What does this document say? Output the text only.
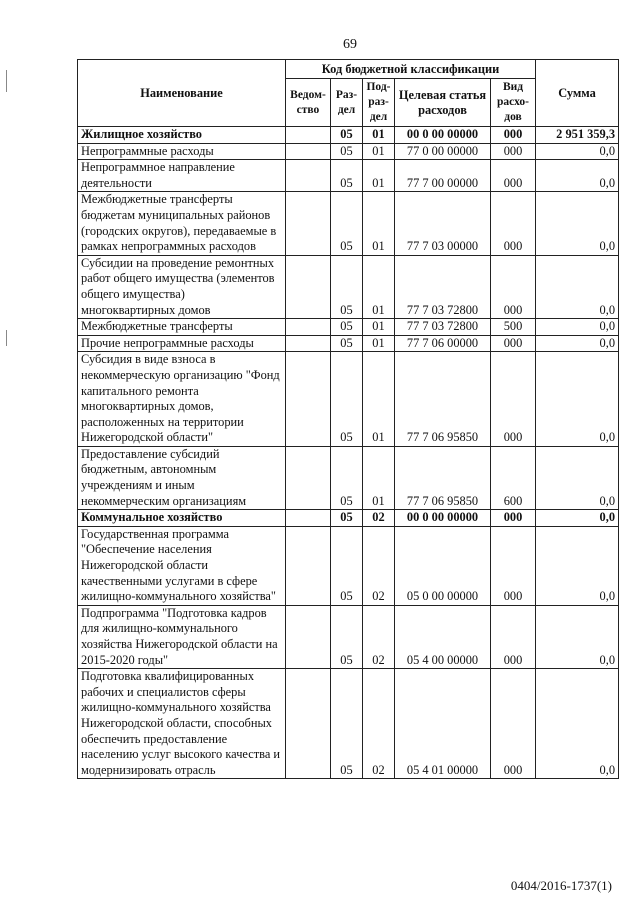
69
Наименование	Код бюджетной классификации					Сумма
	Ведом-ство	Раз-дел	Под-раз-дел	Целевая статья расходов	Вид расхо-дов	
Жилищное хозяйство		05	01	00 0 00 00000	000	2 951 359,3
Непрограммные расходы		05	01	77 0 00 00000	000	0,0
Непрограммное направление деятельности		05	01	77 7 00 00000	000	0,0
Межбюджетные трансферты бюджетам муниципальных районов (городских округов), передаваемые в рамках непрограммных расходов		05	01	77 7 03 00000	000	0,0
Субсидии на проведение ремонтных работ общего имущества (элементов общего имущества) многоквартирных домов		05	01	77 7 03 72800	000	0,0
Межбюджетные трансферты		05	01	77 7 03 72800	500	0,0
Прочие непрограммные расходы		05	01	77 7 06 00000	000	0,0
Субсидия в виде взноса в некоммерческую организацию "Фонд капитального ремонта многоквартирных домов, расположенных на территории Нижегородской области"		05	01	77 7 06 95850	000	0,0
Предоставление субсидий бюджетным, автономным учреждениям и иным некоммерческим организациям		05	01	77 7 06 95850	600	0,0
Коммунальное хозяйство		05	02	00 0 00 00000	000	0,0
Государственная программа "Обеспечение населения Нижегородской области качественными услугами в сфере жилищно-коммунального хозяйства"		05	02	05 0 00 00000	000	0,0
Подпрограмма "Подготовка кадров для жилищно-коммунального хозяйства Нижегородской области на 2015-2020 годы"		05	02	05 4 00 00000	000	0,0
Подготовка квалифицированных рабочих и специалистов сферы жилищно-коммунального хозяйства Нижегородской области, способных обеспечить предоставление населению услуг высокого качества и модернизировать отрасль		05	02	05 4 01 00000	000	0,0
0404/2016-1737(1)
